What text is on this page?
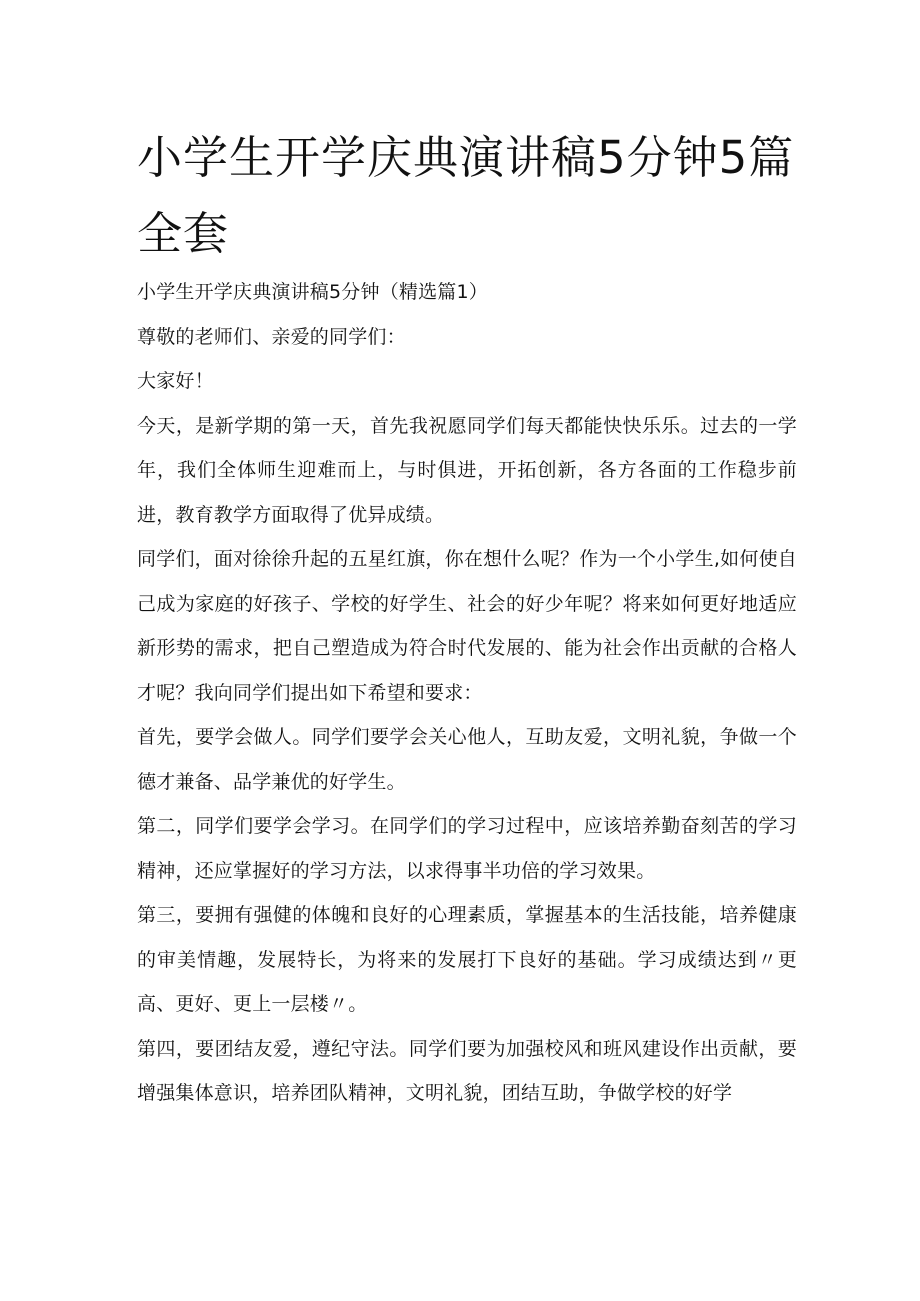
小学生开学庆典演讲稿5分钟5篇全套

小学生开学庆典演讲稿5分钟（精选篇1）

尊敬的老师们、亲爱的同学们：

大家好！

今天，是新学期的第一天，首先我祝愿同学们每天都能快快乐乐。过去的一学年，我们全体师生迎难而上，与时俱进，开拓创新，各方各面的工作稳步前进，教育教学方面取得了优异成绩。

同学们，面对徐徐升起的五星红旗，你在想什么呢？作为一个小学生,如何使自己成为家庭的好孩子、学校的好学生、社会的好少年呢？将来如何更好地适应新形势的需求，把自己塑造成为符合时代发展的、能为社会作出贡献的合格人才呢？我向同学们提出如下希望和要求：

首先，要学会做人。同学们要学会关心他人，互助友爱，文明礼貌，争做一个德才兼备、品学兼优的好学生。

第二，同学们要学会学习。在同学们的学习过程中，应该培养勤奋刻苦的学习精神，还应掌握好的学习方法，以求得事半功倍的学习效果。

第三，要拥有强健的体魄和良好的心理素质，掌握基本的生活技能，培养健康的审美情趣，发展特长，为将来的发展打下良好的基础。学习成绩达到〃更高、更好、更上一层楼〃。

第四，要团结友爱，遵纪守法。同学们要为加强校风和班风建设作出贡献，要增强集体意识，培养团队精神，文明礼貌，团结互助，争做学校的好学
